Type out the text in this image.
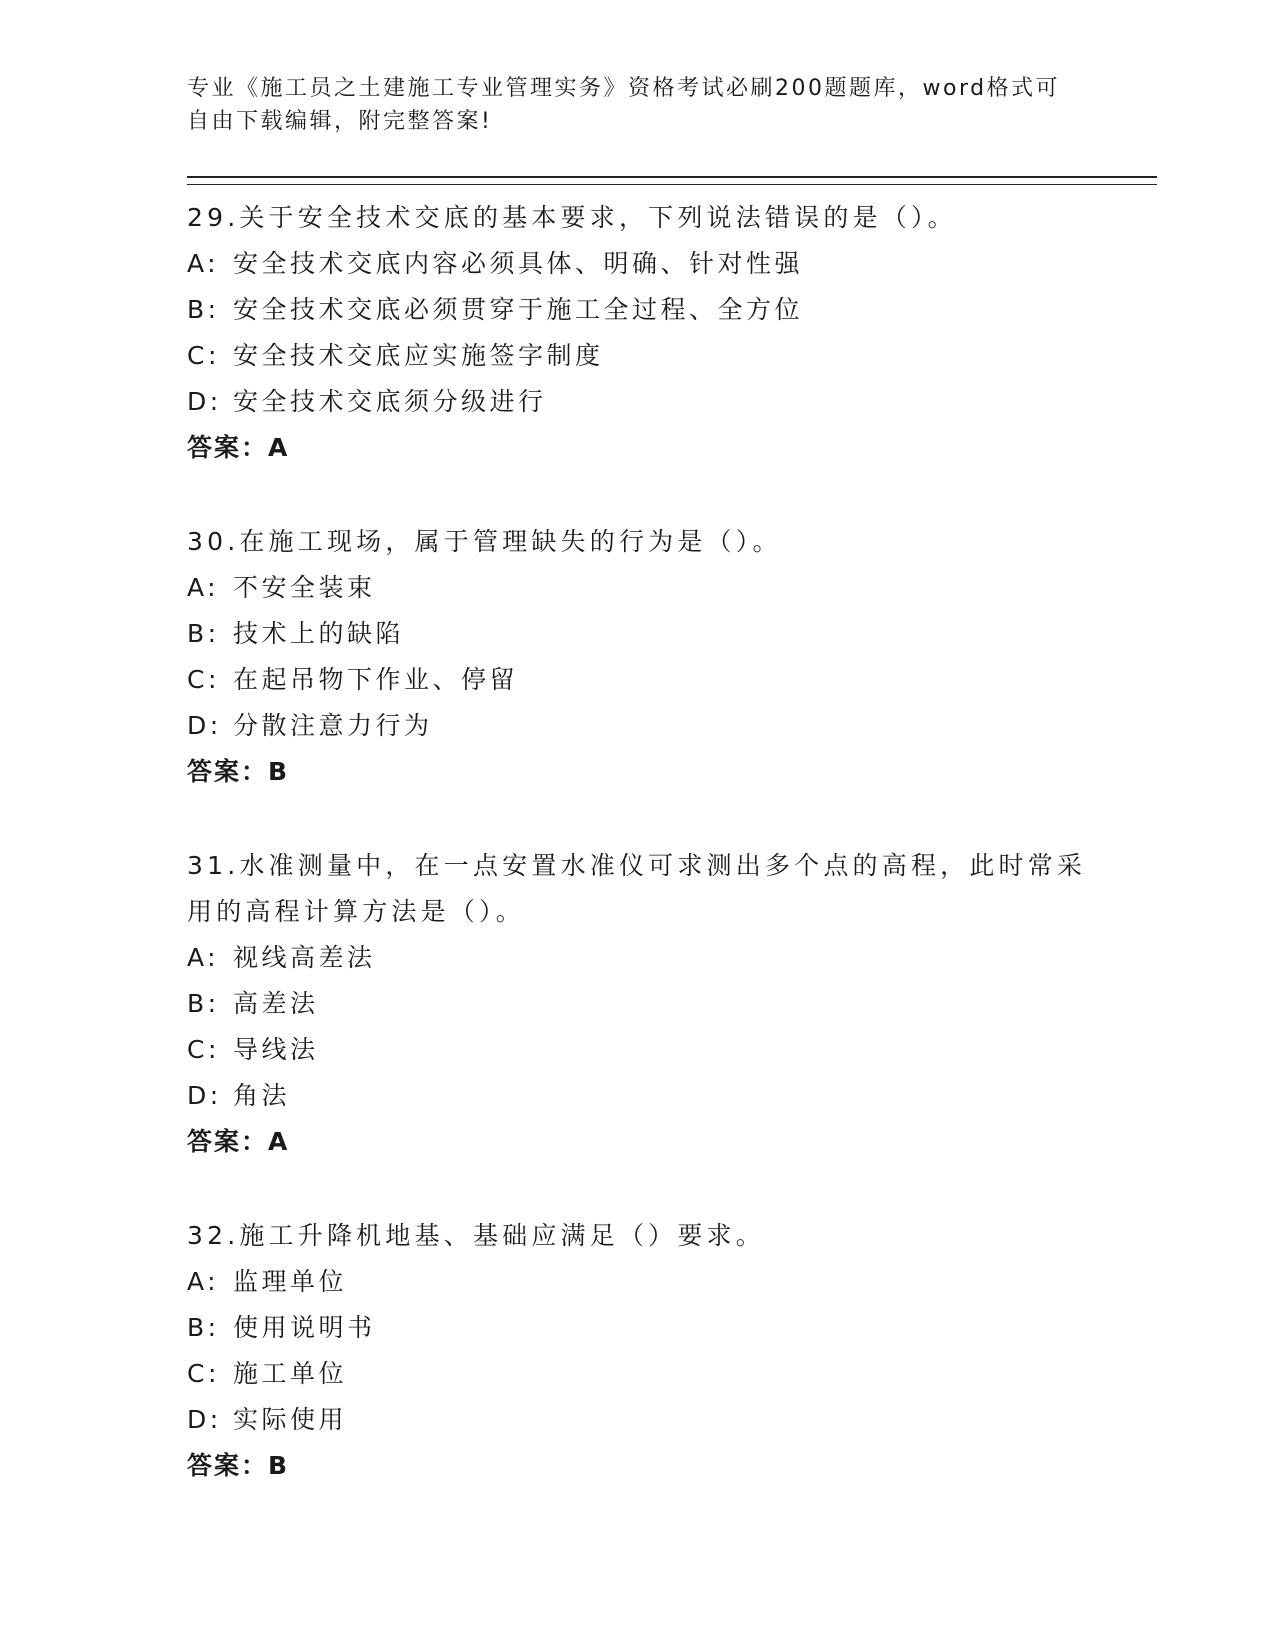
专业《施工员之土建施工专业管理实务》资格考试必刷200题题库，word格式可
自由下载编辑，附完整答案!
29.关于安全技术交底的基本要求，下列说法错误的是（）。
A: 安全技术交底内容必须具体、明确、针对性强
B: 安全技术交底必须贯穿于施工全过程、全方位
C: 安全技术交底应实施签字制度
D: 安全技术交底须分级进行
答案：A
30.在施工现场，属于管理缺失的行为是（）。
A: 不安全装束
B: 技术上的缺陷
C: 在起吊物下作业、停留
D: 分散注意力行为
答案：B
31.水准测量中，在一点安置水准仪可求测出多个点的高程，此时常采
用的高程计算方法是（）。
A: 视线高差法
B: 高差法
C: 导线法
D: 角法
答案：A
32.施工升降机地基、基础应满足（）要求。
A: 监理单位
B: 使用说明书
C: 施工单位
D: 实际使用
答案：B
